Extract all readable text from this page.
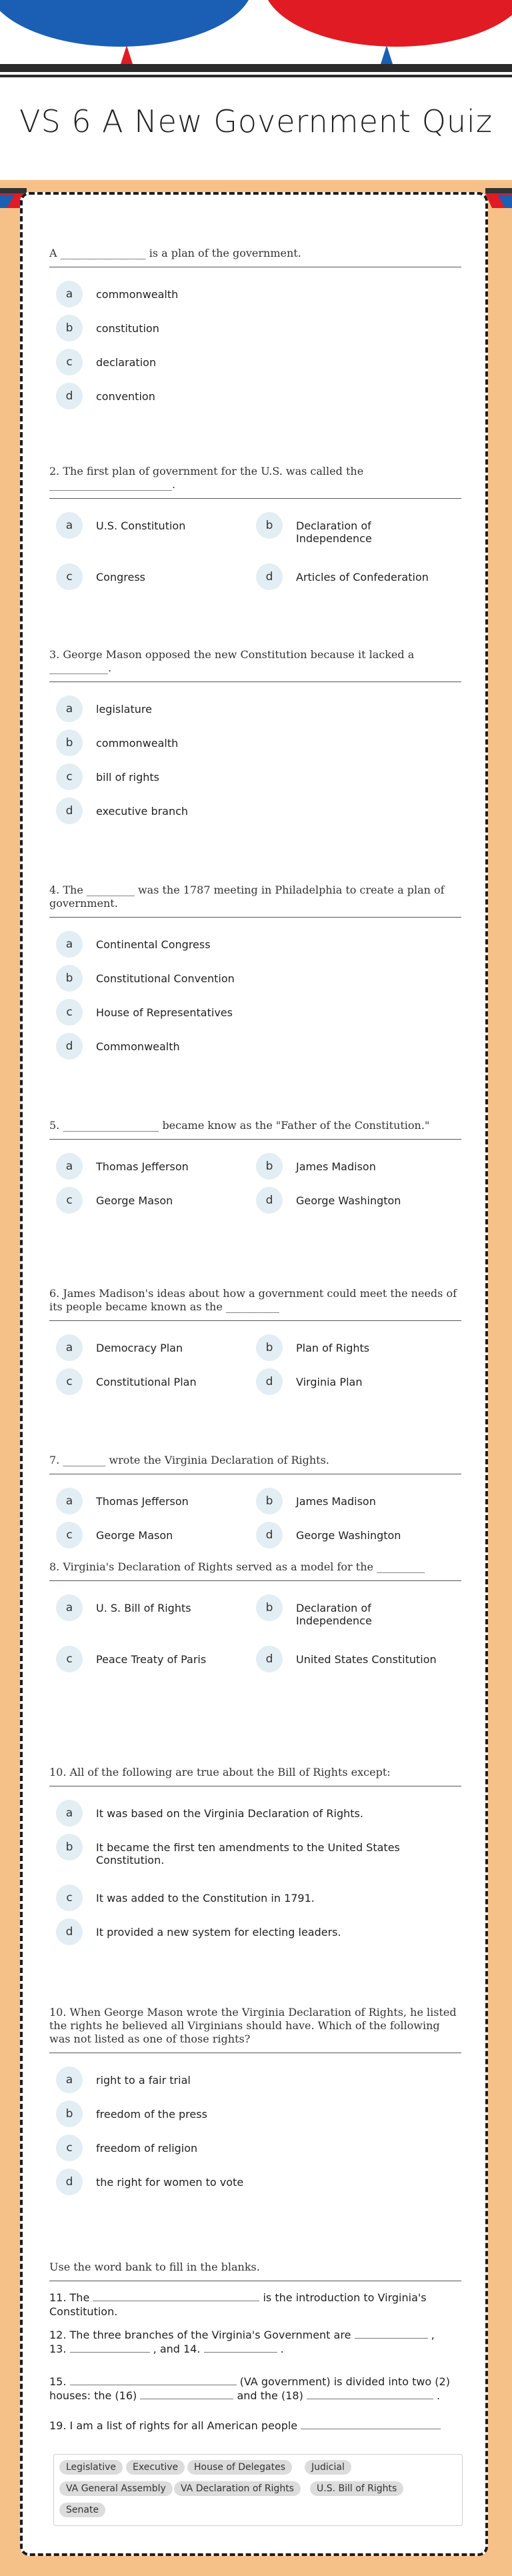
VS 6 A New Government Quiz
A ________________ is a plan of the government.
a	commonwealth
b	constitution
c	declaration
d	convention
2. The first plan of government for the U.S. was called the _______________________.
a	U.S. Constitution	b	Declaration of Independence
c	Congress	d	Articles of Confederation
3. George Mason opposed the new Constitution because it lacked a ___________.
a	legislature
b	commonwealth
c	bill of rights
d	executive branch
4. The _________ was the 1787 meeting in Philadelphia to create a plan of government.
a	Continental Congress
b	Constitutional Convention
c	House of Representatives
d	Commonwealth
5. __________________ became know as the "Father of the Constitution."
a	Thomas Jefferson	b	James Madison
c	George Mason	d	George Washington
6. James Madison's ideas about how a government could meet the needs of its people became known as the __________
a	Democracy Plan	b	Plan of Rights
c	Constitutional Plan	d	Virginia Plan
7. ________ wrote the Virginia Declaration of Rights.
a	Thomas Jefferson	b	James Madison
c	George Mason	d	George Washington
8. Virginia's Declaration of Rights served as a model for the _________
a	U. S. Bill of Rights	b	Declaration of Independence
c	Peace Treaty of Paris	d	United States Constitution
10. All of the following are true about the Bill of Rights except:
a	It was based on the Virginia Declaration of Rights.
b	It became the first ten amendments to the United States Constitution.
c	It was added to the Constitution in 1791.
d	It provided a new system for electing leaders.
10. When George Mason wrote the Virginia Declaration of Rights, he listed the rights he believed all Virginians should have. Which of the following was not listed as one of those rights?
a	right to a fair trial
b	freedom of the press
c	freedom of religion
d	the right for women to vote
Use the word bank to fill in the blanks.
11. The	is the introduction to Virginia's Constitution.
12. The three branches of the Virginia's Government are	,
13.	, and 14.	.
15.	(VA government) is divided into two (2) houses: the (16)	and the (18)	.
19. I am a list of rights for all American people
Legislative	Executive	House of Delegates	Judicial
VA General Assembly	VA Declaration of Rights	U.S. Bill of Rights
Senate
